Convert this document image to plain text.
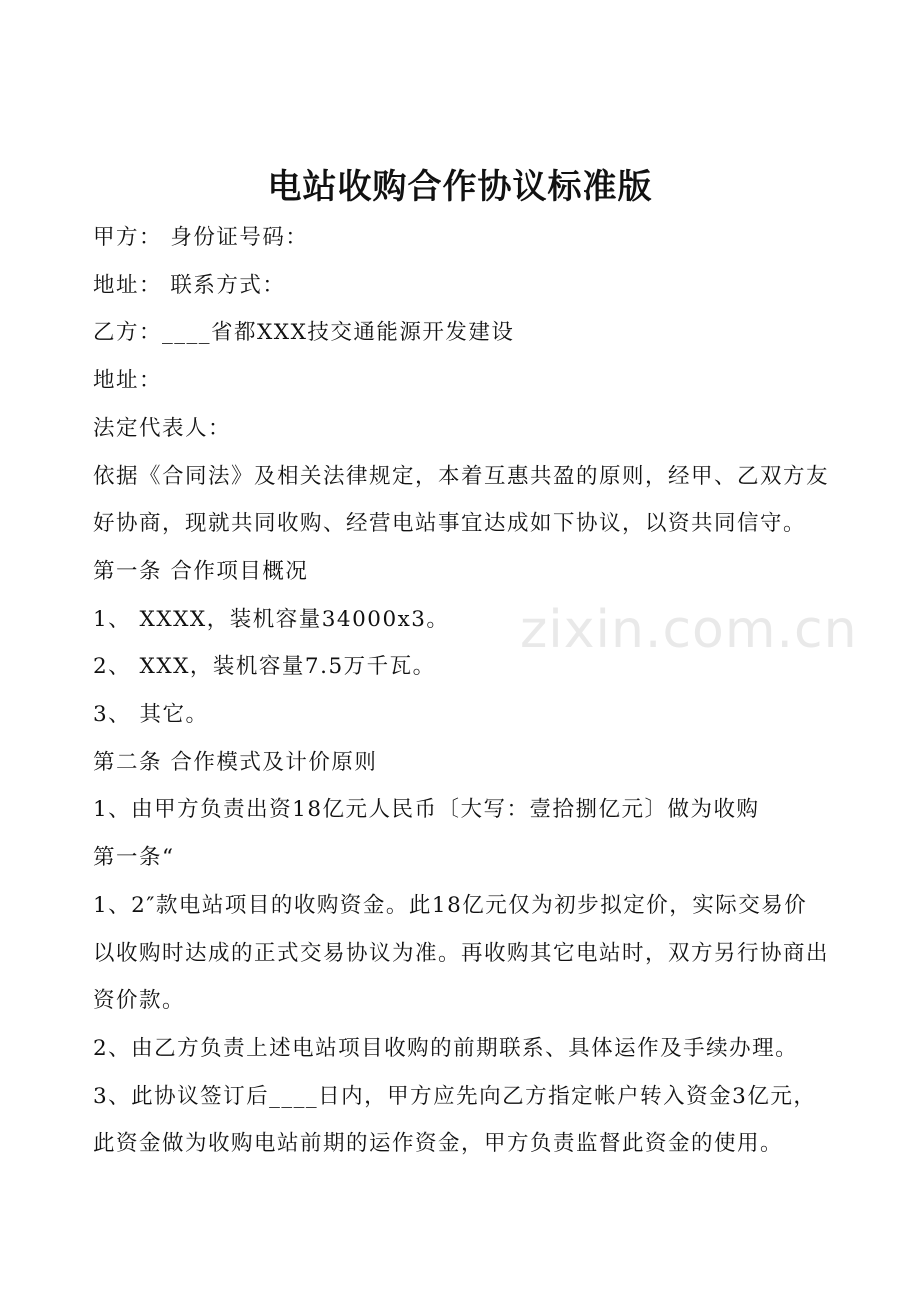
zixin.com.cn
电站收购合作协议标准版

甲方： 身份证号码：

地址： 联系方式：

乙方：____省都XXX技交通能源开发建设

地址：

法定代表人：

依据《合同法》及相关法律规定，本着互惠共盈的原则，经甲、乙双方友

好协商，现就共同收购、经营电站事宜达成如下协议，以资共同信守。

第一条 合作项目概况

1、 XXXX，装机容量34000x3。

2、 XXX，装机容量7.5万千瓦。

3、 其它。

第二条 合作模式及计价原则

1、由甲方负责出资18亿元人民币〔大写：壹拾捌亿元〕做为收购

第一条“

1、2″款电站项目的收购资金。此18亿元仅为初步拟定价，实际交易价

以收购时达成的正式交易协议为准。再收购其它电站时，双方另行协商出

资价款。

2、由乙方负责上述电站项目收购的前期联系、具体运作及手续办理。

3、此协议签订后____日内，甲方应先向乙方指定帐户转入资金3亿元，

此资金做为收购电站前期的运作资金，甲方负责监督此资金的使用。
